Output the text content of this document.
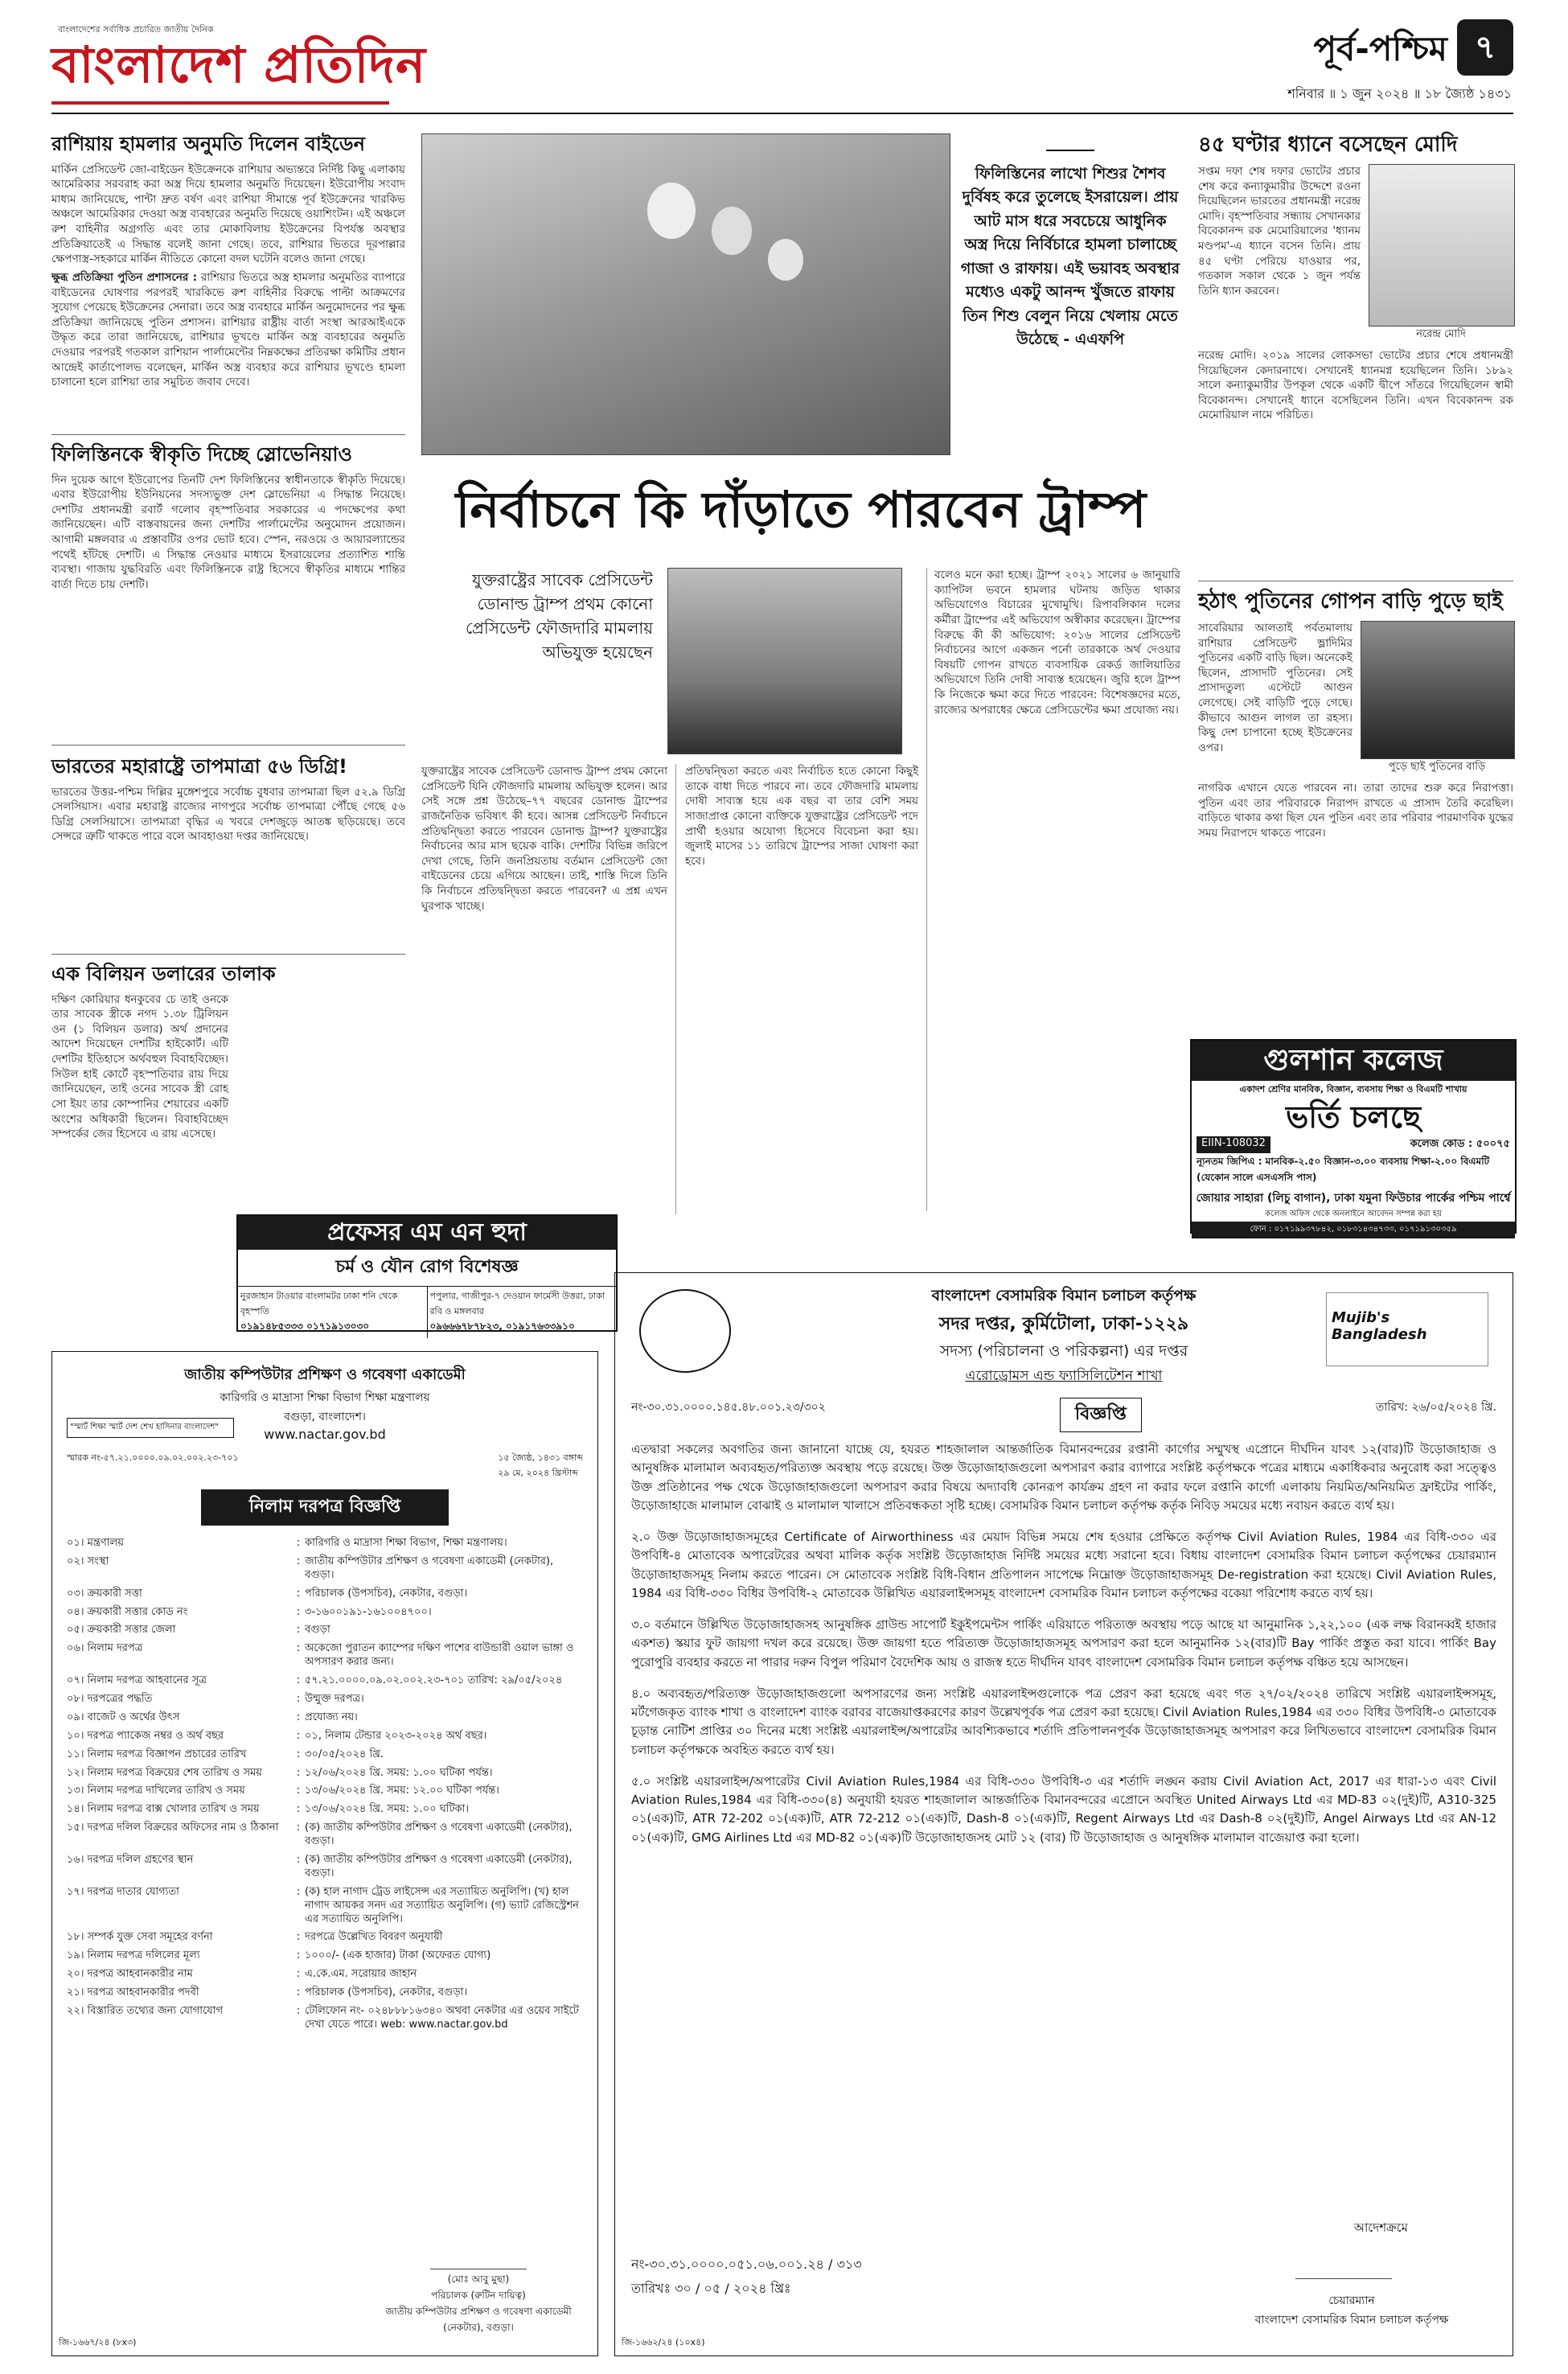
বাংলাদেশের সর্বাধিক প্রচারিত জাতীয় দৈনিক
বাংলাদেশ প্রতিদিন	পূর্ব-পশ্চিম ৭
শনিবার ॥ ১ জুন ২০২৪ ॥ ১৮ জ্যৈষ্ঠ ১৪৩১
রাশিয়ায় হামলার অনুমতি দিলেন বাইডেন
মার্কিন প্রেসিডেন্ট জো-বাইডেন ইউক্রেনকে রাশিয়ার অভ্যন্তরে নির্দিষ্ট কিছু এলাকায় আমেরিকার সরবরাহ করা অস্ত্র দিয়ে হামলার অনুমতি দিয়েছেন। ইউরোপীয় সংবাদ মাধ্যম জানিয়েছে, পান্টা দ্রুত বর্ষণ এবং রাশিয়া সীমান্তে পূর্ব ইউক্রেনের খারকিভ অঞ্চলে আমেরিকার দেওয়া অস্ত্র ব্যবহারের অনুমতি দিয়েছে ওয়াশিংটন। এই অঞ্চলে রুশ বাহিনীর অগ্রগতি এবং তার মোকাবিলায় ইউক্রেনের বিপর্যস্ত অবস্থার প্রতিক্রিয়াতেই এ সিদ্ধান্ত বলেই জানা গেছে। তবে, রাশিয়ার ভিতরে দূরপাল্লার ক্ষেপণাস্ত্র-সহকারে মার্কিন নীতিতে কোনো বদল ঘটেনি বলেও জানা গেছে।
ক্ষুব্ধ প্রতিক্রিয়া পুতিন প্রশাসনের : রাশিয়ার ভিতরে অস্ত্র হামলার অনুমতির ব্যাপারে বাইডেনের ঘোষণার পরপরই খারকিভে রুশ বাহিনীর বিরুদ্ধে পাল্টা আক্রমণের সুযোগ পেয়েছে ইউক্রেনের সেনারা। তবে অস্ত্র ব্যবহারে মার্কিন অনুমোদনের পর ক্ষুব্ধ প্রতিক্রিয়া জানিয়েছে পুতিন প্রশাসন। রাশিয়ার রাষ্ট্রীয় বার্তা সংস্থা আরআইএকে উদ্ধৃত করে তারা জানিয়েছে, রাশিয়ার ভূখণ্ডে মার্কিন অস্ত্র ব্যবহারের অনুমতি দেওয়ার পরপরই গতকাল রাশিয়ান পার্লামেন্টের নিম্নকক্ষের প্রতিরক্ষা কমিটির প্রধান আন্দ্রেই কার্তাপোলভ বলেছেন, মার্কিন অস্ত্র ব্যবহার করে রাশিয়ার ভূখণ্ডে হামলা চালানো হলে রাশিয়া তার সমুচিত জবাব দেবে।
ফিলিস্তিনকে স্বীকৃতি দিচ্ছে স্লোভেনিয়াও
দিন দুয়েক আগে ইউরোপের তিনটি দেশ ফিলিস্তিনের স্বাধীনতাকে স্বীকৃতি দিয়েছে। এবার ইউরোপীয় ইউনিয়নের সদস্যভুক্ত দেশ স্লোভেনিয়া এ সিদ্ধান্ত নিয়েছে। দেশটির প্রধানমন্ত্রী রবার্ট গলোব বৃহস্পতিবার সরকারের এ পদক্ষেপের কথা জানিয়েছেন। এটি বাস্তবায়নের জন্য দেশটির পার্লামেন্টের অনুমোদন প্রয়োজন। আগামী মঙ্গলবার এ প্রস্তাবটির ওপর ভোট হবে। স্পেন, নরওয়ে ও আয়ারল্যান্ডের পথেই হাঁটছে দেশটি। এ সিদ্ধান্ত নেওয়ার মাধ্যমে ইসরায়েলের প্রত্যাশিত শান্তি ব্যবস্থা। গাজায় যুদ্ধবিরতি এবং ফিলিস্তিনকে রাষ্ট্র হিসেবে স্বীকৃতির মাধ্যমে শান্তির বার্তা দিতে চায় দেশটি।
ভারতের মহারাষ্ট্রে তাপমাত্রা ৫৬ ডিগ্রি!
ভারতের উত্তর-পশ্চিম দিল্লির মুঙ্গেশপুরে সর্বোচ্চ বুধবার তাপমাত্রা ছিল ৫২.৯ ডিগ্রি সেলসিয়াস। এবার মহারাষ্ট্র রাজ্যের নাগপুরে সর্বোচ্চ তাপমাত্রা পৌঁছে গেছে ৫৬ ডিগ্রি সেলসিয়াসে। তাপমাত্রা বৃদ্ধির এ খবরে দেশজুড়ে আতঙ্ক ছড়িয়েছে। তবে সেন্সরে ত্রুটি থাকতে পারে বলে আবহাওয়া দপ্তর জানিয়েছে।
এক বিলিয়ন ডলারের তালাক
দক্ষিণ কোরিয়ার ধনকুবের চে তাই ওনকে তার সাবেক স্ত্রীকে নগদ ১.৩৮ ট্রিলিয়ন ওন (১ বিলিয়ন ডলার) অর্থ প্রদানের আদেশ দিয়েছেন দেশটির হাইকোর্ট। এটি দেশটির ইতিহাসে অর্থবহুল বিবাহবিচ্ছেদ। সিউল হাই কোর্টে বৃহস্পতিবার রায় দিয়ে জানিয়েছেন, তাই ওনের সাবেক স্ত্রী রোহ সো ইয়ং তার কোম্পানির শেয়ারের একটি অংশের অধিকারী ছিলেন। বিবাহবিচ্ছেদ সম্পর্কের জের হিসেবে এ রায় এসেছে।
প্রফেসর এম এন হুদা
চর্ম ও যৌন রোগ বিশেষজ্ঞ
নুরজাহান টাওয়ার বাংলামটর ঢাকা শনি থেকে বৃহস্পতি
০১৯১৪৮৫৩৩৩ ০১৭১৯১৩০৩০
পপুলার, গাজীপুর-৭ দেওয়ান ফার্মেসী উত্তরা, ঢাকা রবি ও মঙ্গলবার
০৯৬৬৬৭৮৭৮২৩, ০১৯১৭৬৩৩৯১০
ফিলিস্তিনের লাখো শিশুর শৈশব দুর্বিষহ করে তুলেছে ইসরায়েল। প্রায় আট মাস ধরে সবচেয়ে আধুনিক অস্ত্র দিয়ে নির্বিচারে হামলা চালাচ্ছে গাজা ও রাফায়। এই ভয়াবহ অবস্থার মধ্যেও একটু আনন্দ খুঁজতে রাফায় তিন শিশু বেলুন নিয়ে খেলায় মেতে উঠেছে - এএফপি
নির্বাচনে কি দাঁড়াতে পারবেন ট্রাম্প
যুক্তরাষ্ট্রের সাবেক প্রেসিডেন্ট ডোনাল্ড ট্রাম্প প্রথম কোনো প্রেসিডেন্ট ফৌজদারি মামলায় অভিযুক্ত হয়েছেন
যুক্তরাষ্ট্রের সাবেক প্রেসিডেন্ট ডোনাল্ড ট্রাম্প প্রথম কোনো প্রেসিডেন্ট যিনি ফৌজদারি মামলায় অভিযুক্ত হলেন। আর সেই সঙ্গে প্রশ্ন উঠেছে–৭৭ বছরের ডোনাল্ড ট্রাম্পের রাজনৈতিক ভবিষ্যৎ কী হবে। আসন্ন প্রেসিডেন্ট নির্বাচনে প্রতিদ্বন্দ্বিতা করতে পারবেন ডোনাল্ড ট্রাম্প? যুক্তরাষ্ট্রের নির্বাচনের আর মাস ছয়েক বাকি। দেশটির বিভিন্ন জরিপে দেখা গেছে, তিনি জনপ্রিয়তায় বর্তমান প্রেসিডেন্ট জো বাইডেনের চেয়ে এগিয়ে আছেন। তাই, শাস্তি দিলে তিনি কি নির্বাচনে প্রতিদ্বন্দ্বিতা করতে পারবেন? এ প্রশ্ন এখন ঘুরপাক খাচ্ছে।
প্রতিদ্বন্দ্বিতা করতে এবং নির্বাচিত হতে কোনো কিছুই তাকে বাধা দিতে পারবে না। তবে ফৌজদারি মামলায় দোষী সাব্যস্ত হয়ে এক বছর বা তার বেশি সময় সাজাপ্রাপ্ত কোনো ব্যক্তিকে যুক্তরাষ্ট্রের প্রেসিডেন্ট পদে প্রার্থী হওয়ার অযোগ্য হিসেবে বিবেচনা করা হয়। জুলাই মাসের ১১ তারিখে ট্রাম্পের সাজা ঘোষণা করা হবে।
বলেও মনে করা হচ্ছে। ট্রাম্প ২০২১ সালের ৬ জানুয়ারি ক্যাপিটল ভবনে হামলার ঘটনায় জড়িত থাকার অভিযোগেও বিচারের মুখোমুখি। রিপাবলিকান দলের কর্মীরা ট্রাম্পের এই অভিযোগ অস্বীকার করেছেন। ট্রাম্পের বিরুদ্ধে কী কী অভিযোগ: ২০১৬ সালের প্রেসিডেন্ট নির্বাচনের আগে একজন পর্নো তারকাকে অর্থ দেওয়ার বিষয়টি গোপন রাখতে ব্যবসায়িক রেকর্ড জালিয়াতির অভিযোগে তিনি দোষী সাব্যস্ত হয়েছেন। জুরি হলে ট্রাম্প কি নিজেকে ক্ষমা করে দিতে পারবেন: বিশেষজ্ঞদের মতে, রাজ্যের অপরাধের ক্ষেত্রে প্রেসিডেন্টের ক্ষমা প্রযোজ্য নয়।
৪৫ ঘণ্টার ধ্যানে বসেছেন মোদি
সপ্তম দফা শেষ দফার ভোটের প্রচার শেষ করে কন্যাকুমারীর উদ্দেশে রওনা দিয়েছিলেন ভারতের প্রধানমন্ত্রী নরেন্দ্র মোদি। বৃহস্পতিবার সন্ধ্যায় সেখানকার বিবেকানন্দ রক মেমোরিয়ালের 'ধ্যানম মণ্ডপম'-এ ধ্যানে বসেন তিনি। প্রায় ৪৫ ঘণ্টা পেরিয়ে যাওয়ার পর, গতকাল সকাল থেকে ১ জুন পর্যন্ত তিনি ধ্যান করবেন।
নরেন্দ্র মোদি
নরেন্দ্র মোদি। ২০১৯ সালের লোকসভা ভোটের প্রচার শেষে প্রধানমন্ত্রী গিয়েছিলেন কেদারনাথে। সেখানেই ধ্যানমগ্ন হয়েছিলেন তিনি। ১৮৯২ সালে কন্যাকুমারীর উপকূল থেকে একটি দ্বীপে সাঁতরে গিয়েছিলেন স্বামী বিবেকানন্দ। সেখানেই ধ্যানে বসেছিলেন তিনি। এখন বিবেকানন্দ রক মেমোরিয়াল নামে পরিচিত।
হঠাৎ পুতিনের গোপন বাড়ি পুড়ে ছাই
সাবেরিয়ার আলতাই পর্বতমালায় রাশিয়ার প্রেসিডেন্ট ভ্লাদিমির পুতিনের একটি বাড়ি ছিল। অনেকেই ছিলেন, প্রাসাদটি পুতিনের। সেই প্রাসাদতুল্য এস্টেটে আগুন লেগেছে। সেই বাড়িটি পুড়ে গেছে। কীভাবে আগুন লাগল তা রহস্য। কিছু দেশ চাপানো হচ্ছে ইউক্রেনের ওপর।
পুড়ে ছাই পুতিনের বাড়ি
নাগরিক এখানে যেতে পারবেন না। তারা তাদের শুরু করে নিরাপত্তা। পুতিন এবং তার পরিবারকে নিরাপদ রাখতে এ প্রাসাদ তৈরি করেছিল। বাড়িতে থাকার কথা ছিল যেন পুতিন এবং তার পরিবার পারমাণবিক যুদ্ধের সময় নিরাপদে থাকতে পারেন।
গুলশান কলেজ
একাদশ শ্রেণির মানবিক, বিজ্ঞান, ব্যবসায় শিক্ষা ও বিএমটি শাখায়
ভর্তি চলছে
EIIN-108032	কলেজ কোড : ৫০০৭৫
ন্যূনতম জিপিএ : মানবিক-২.৫০ বিজ্ঞান-৩.০০ ব্যবসায় শিক্ষা-২.০০ বিএমটি (যেকোন সালে এসএসসি পাস)
জোয়ার সাহারা (লিচু বাগান), ঢাকা যমুনা ফিউচার পার্কের পশ্চিম পার্শ্বে
কলেজ অফিস থেকে অনলাইনে আবেদন সম্পন্ন করা হয়
ফোন : ০১৭১৯৯৩৭৮৪২, ০১৮৩১৪৩৪৭৩৩, ০১৭১৯১৩০৩৫৯
জাতীয় কম্পিউটার প্রশিক্ষণ ও গবেষণা একাডেমী
কারিগরি ও মাদ্রাসা শিক্ষা বিভাগ শিক্ষা মন্ত্রণালয়
বগুড়া, বাংলাদেশ।
www.nactar.gov.bd
"স্মার্ট শিক্ষা স্মার্ট দেশ শেখ হাসিনার বাংলাদেশ"
স্মারক নং-৫৭.২১.০০০০.০৯.০২.০০২.২৩-৭০১	১৫ জ্যৈষ্ঠ, ১৪৩১ বঙ্গাব্দ
২৯ মে, ২০২৪ খ্রিস্টাব্দ
নিলাম দরপত্র বিজ্ঞপ্তি
০১। মন্ত্রণালয়	: কারিগরি ও মাদ্রাসা শিক্ষা বিভাগ, শিক্ষা মন্ত্রণালয়।
০২। সংস্থা	: জাতীয় কম্পিউটার প্রশিক্ষণ ও গবেষণা একাডেমী (নেকটার), বগুড়া।
০৩। ক্রয়কারী সত্তা	: পরিচালক (উপসচিব), নেকটার, বগুড়া।
০৪। ক্রয়কারী সত্তার কোড নং	: ৩-১৬০০১৯১-১৬১০০৪৭০০।
০৫। ক্রয়কারী সত্তার জেলা	: বগুড়া
০৬। নিলাম দরপত্র	: অকেজো পুরাতন ক্যাম্পের দক্ষিণ পাশের বাউন্ডারী ওয়াল ভাঙ্গা ও অপসারণ করার জন্য।
০৭। নিলাম দরপত্র আহবানের সূত্র	: ৫৭.২১.০০০০.০৯.০২.০০২.২৩-৭০১ তারিখ: ২৯/০৫/২০২৪
০৮। দরপত্রের পদ্ধতি	: উন্মুক্ত দরপত্র।
০৯। বাজেট ও অর্থের উৎস	: প্রযোজ্য নয়।
১০। দরপত্র প্যাকেজ নম্বর ও অর্থ বছর	: ০১, নিলাম টেন্ডার ২০২৩-২০২৪ অর্থ বছর।
১১। নিলাম দরপত্র বিজ্ঞাপন প্রচারের তারিখ	: ৩০/০৫/২০২৪ খ্রি.
১২। নিলাম দরপত্র বিক্রয়ের শেষ তারিখ ও সময়	: ১২/০৬/২০২৪ খ্রি. সময়: ১.০০ ঘটিকা পর্যন্ত।
১৩। নিলাম দরপত্র দাখিলের তারিখ ও সময়	: ১৩/০৬/২০২৪ খ্রি. সময়: ১২.০০ ঘটিকা পর্যন্ত।
১৪। নিলাম দরপত্র বাক্স খোলার তারিখ ও সময়	: ১৩/০৬/২০২৪ খ্রি. সময়: ১.০০ ঘটিকা।
১৫। দরপত্র দলিল বিক্রয়ের অফিসের নাম ও ঠিকানা	: (ক) জাতীয় কম্পিউটার প্রশিক্ষণ ও গবেষণা একাডেমী (নেকটার), বগুড়া।
১৬। দরপত্র দলিল গ্রহণের স্থান	: (ক) জাতীয় কম্পিউটার প্রশিক্ষণ ও গবেষণা একাডেমী (নেকটার), বগুড়া।
১৭। দরপত্র দাতার যোগ্যতা	: (ক) হাল নাগাদ ট্রেড লাইসেন্স এর সত্যায়িত অনুলিপি। (খ) হাল নাগাদ আয়কর সনদ এর সত্যায়িত অনুলিপি। (গ) ভ্যাট রেজিস্ট্রেশন এর সত্যায়িত অনুলিপি।
১৮। সম্পর্ক যুক্ত সেবা সমূহের বর্ণনা	: দরপত্রে উল্লেখিত বিবরণ অনুযায়ী
১৯। নিলাম দরপত্র দলিলের মূল্য	: ১০০০/- (এক হাজার) টাকা (অফেরত যোগ্য)
২০। দরপত্র আহবানকারীর নাম	: এ.কে.এম. সরোয়ার জাহান
২১। দরপত্র আহবানকারীর পদবী	: পরিচালক (উপসচিব), নেকটার, বগুড়া।
২২। বিস্তারিত তথ্যের জন্য যোগাযোগ	: টেলিফোন নং- ০২৪৮৮৮১৬৩৪০ অথবা নেকটার এর ওয়েব সাইটে দেখা যেতে পারে। web: www.nactar.gov.bd
(মোঃ আবু মুছা)
পরিচালক (রুটিন দায়িত্ব)
জাতীয় কম্পিউটার প্রশিক্ষণ ও গবেষণা একাডেমী (নেকটার), বগুড়া।
জি-১৬৬৭/২৪ (৮x৩)
Mujib's Bangladesh
বাংলাদেশ বেসামরিক বিমান চলাচল কর্তৃপক্ষ
সদর দপ্তর, কুর্মিটোলা, ঢাকা-১২২৯
সদস্য (পরিচালনা ও পরিকল্পনা) এর দপ্তর
এরোড্রোমস এন্ড ফ্যাসিলিটেশন শাখা
নং-৩০.৩১.০০০০.১৪৫.৪৮.০০১.২৩/৩০২	বিজ্ঞপ্তি	তারিখ: ২৬/০৫/২০২৪ খ্রি.
এতদ্বারা সকলের অবগতির জন্য জানানো যাচ্ছে যে, হযরত শাহজালাল আন্তর্জাতিক বিমানবন্দরের রপ্তানী কার্গোর সম্মুখস্থ এপ্রোনে দীর্ঘদিন যাবৎ ১২(বার)টি উড়োজাহাজ ও আনুষঙ্গিক মালামাল অব্যবহৃত/পরিত্যক্ত অবস্থায় পড়ে রয়েছে। উক্ত উড়োজাহাজগুলো অপসারণ করার ব্যাপারে সংশ্লিষ্ট কর্তৃপক্ষকে পত্রের মাধ্যমে একাধিকবার অনুরোধ করা সত্ত্বেও উক্ত প্রতিষ্ঠানের পক্ষ থেকে উড়োজাহাজগুলো অপসারণ করার বিষয়ে অদ্যাবধি কোনরূপ কার্যক্রম গ্রহণ না করার ফলে রপ্তানি কার্গো এলাকায় নিয়মিত/অনিয়মিত ফ্রাইটের পার্কিং, উড়োজাহাজে মালামাল বোঝাই ও মালামাল খালাসে প্রতিবন্ধকতা সৃষ্টি হচ্ছে। বেসামরিক বিমান চলাচল কর্তৃপক্ষ কর্তৃক নিবিড় সময়ের মধ্যে নবায়ন করতে ব্যর্থ হয়।
২.০ উক্ত উড়োজাহাজসমূহের Certificate of Airworthiness এর মেয়াদ বিভিন্ন সময়ে শেষ হওয়ার প্রেক্ষিতে কর্তৃপক্ষ Civil Aviation Rules, 1984 এর বিধি-৩৩০ এর উপবিধি-৪ মোতাবেক অপারেটরের অথবা মালিক কর্তৃক সংশ্লিষ্ট উড়োজাহাজ নির্দিষ্ট সময়ের মধ্যে সরানো হবে। বিধায় বাংলাদেশ বেসামরিক বিমান চলাচল কর্তৃপক্ষের চেয়ারম্যান উড়োজাহাজসমূহ নিলাম করতে পারেন। সে মোতাবেক সংশ্লিষ্ট বিধি-বিধান প্রতিপালন সাপেক্ষে নিম্নোক্ত উড়োজাহাজসমূহ De-registration করা হয়েছে। Civil Aviation Rules, 1984 এর বিধি-৩৩০ বিধির উপবিধি-২ মোতাবেক উল্লিখিত এয়ারলাইন্সসমূহ বাংলাদেশ বেসামরিক বিমান চলাচল কর্তৃপক্ষের বকেয়া পরিশোধ করতে ব্যর্থ হয়।
৩.০ বর্তমানে উল্লিখিত উড়োজাহাজসহ আনুষঙ্গিক গ্রাউন্ড সাপোর্ট ইকুইপমেন্টস পার্কিং এরিয়াতে পরিত্যক্ত অবস্থায় পড়ে আছে যা আনুমানিক ১,২২,১০০ (এক লক্ষ বিরানব্বই হাজার একশত) স্কয়ার ফুট জায়গা দখল করে রয়েছে। উক্ত জায়গা হতে পরিত্যক্ত উড়োজাহাজসমূহ অপসারণ করা হলে আনুমানিক ১২(বার)টি Bay পার্কিং প্রস্তুত করা যাবে। পার্কিং Bay পুরোপুরি ব্যবহার করতে না পারার দরুন বিপুল পরিমাণ বৈদেশিক আয় ও রাজস্ব হতে দীর্ঘদিন যাবৎ বাংলাদেশ বেসামরিক বিমান চলাচল কর্তৃপক্ষ বঞ্চিত হয়ে আসছেন।
৪.০ অব্যবহৃত/পরিত্যক্ত উড়োজাহাজগুলো অপসারণের জন্য সংশ্লিষ্ট এয়ারলাইন্সগুলোকে পত্র প্রেরণ করা হয়েছে এবং গত ২৭/০২/২০২৪ তারিখে সংশ্লিষ্ট এয়ারলাইন্সসমূহ, মর্টগেজকৃত ব্যাংক শাখা ও বাংলাদেশ ব্যাংক বরাবর বাজেয়াপ্তকরণের কারণ উল্লেখপূর্বক পত্র প্রেরণ করা হয়েছে। Civil Aviation Rules,1984 এর ৩৩০ বিধির উপবিধি-৩ মোতাবেক চূড়ান্ত নোটিশ প্রাপ্তির ৩০ দিনের মধ্যে সংশ্লিষ্ট এয়ারলাইন্স/অপারেটর আবশ্যিকভাবে শর্তাদি প্রতিপালনপূর্বক উড়োজাহাজসমূহ অপসারণ করে লিখিতভাবে বাংলাদেশ বেসামরিক বিমান চলাচল কর্তৃপক্ষকে অবহিত করতে ব্যর্থ হয়।
৫.০ সংশ্লিষ্ট এয়ারলাইন্স/অপারেটর Civil Aviation Rules,1984 এর বিধি-৩৩০ উপবিধি-৩ এর শর্তাদি লঙ্ঘন করায় Civil Aviation Act, 2017 এর ধারা-১৩ এবং Civil Aviation Rules,1984 এর বিধি-৩৩০(৪) অনুযায়ী হযরত শাহজালাল আন্তর্জাতিক বিমানবন্দরের এপ্রোনে অবস্থিত United Airways Ltd এর MD-83 ০২(দুই)টি, A310-325 ০১(এক)টি, ATR 72-202 ০১(এক)টি, ATR 72-212 ০১(এক)টি, Dash-8 ০১(এক)টি, Regent Airways Ltd এর Dash-8 ০২(দুই)টি, Angel Airways Ltd এর AN-12 ০১(এক)টি, GMG Airlines Ltd এর MD-82 ০১(এক)টি উড়োজাহাজসহ মোট ১২ (বার) টি উড়োজাহাজ ও আনুষঙ্গিক মালামাল বাজেয়াপ্ত করা হলো।
আদেশক্রমে
নং-৩০.৩১.০০০০.০৫১.০৬.০০১.২৪ / ৩১৩
তারিখঃ ৩০ / ০৫ / ২০২৪ খ্রিঃ
চেয়ারম্যান
বাংলাদেশ বেসামরিক বিমান চলাচল কর্তৃপক্ষ
জি-১৬৬২/২৪ (১০x৪)
